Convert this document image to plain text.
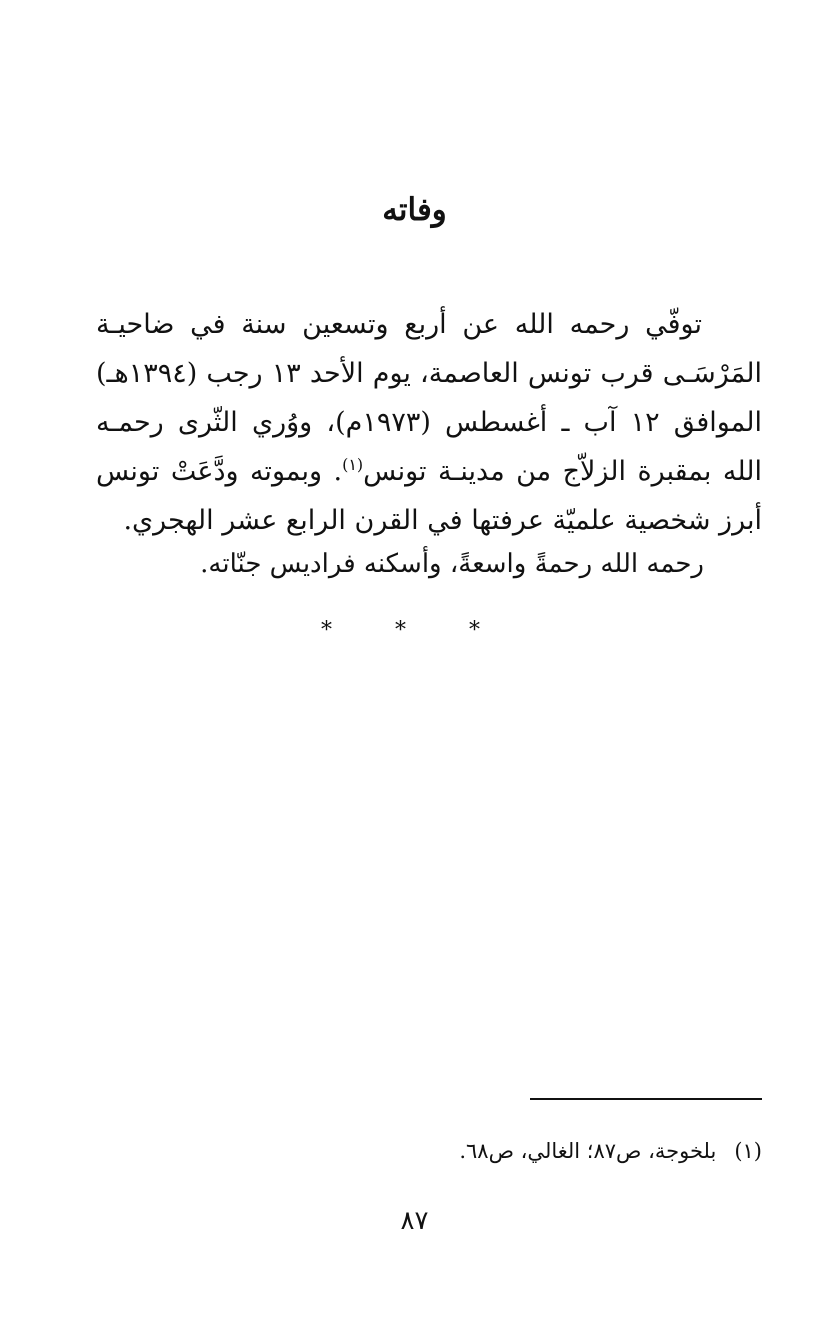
وفاته

توفّي رحمه الله عن أربع وتسعين سنة في ضاحيـة المَرْسَـى قرب تونس العاصمة، يوم الأحد ١٣ رجب (١٣٩٤هـ) الموافق ١٢ آب ـ أغسطس (١٩٧٣م)، ووُري الثّرى رحمـه الله بمقبرة الزلاّج من مدينـة تونس$^{(١)}$. وبموته ودَّعَتْ تونس أبرز شخصية علميّة عرفتها في القرن الرابع عشر الهجري.

رحمه الله رحمةً واسعةً، وأسكنه فراديس جنّاته.
* * *
(١)بلخوجة، ص٨٧؛ الغالي، ص٦٨.
٨٧
